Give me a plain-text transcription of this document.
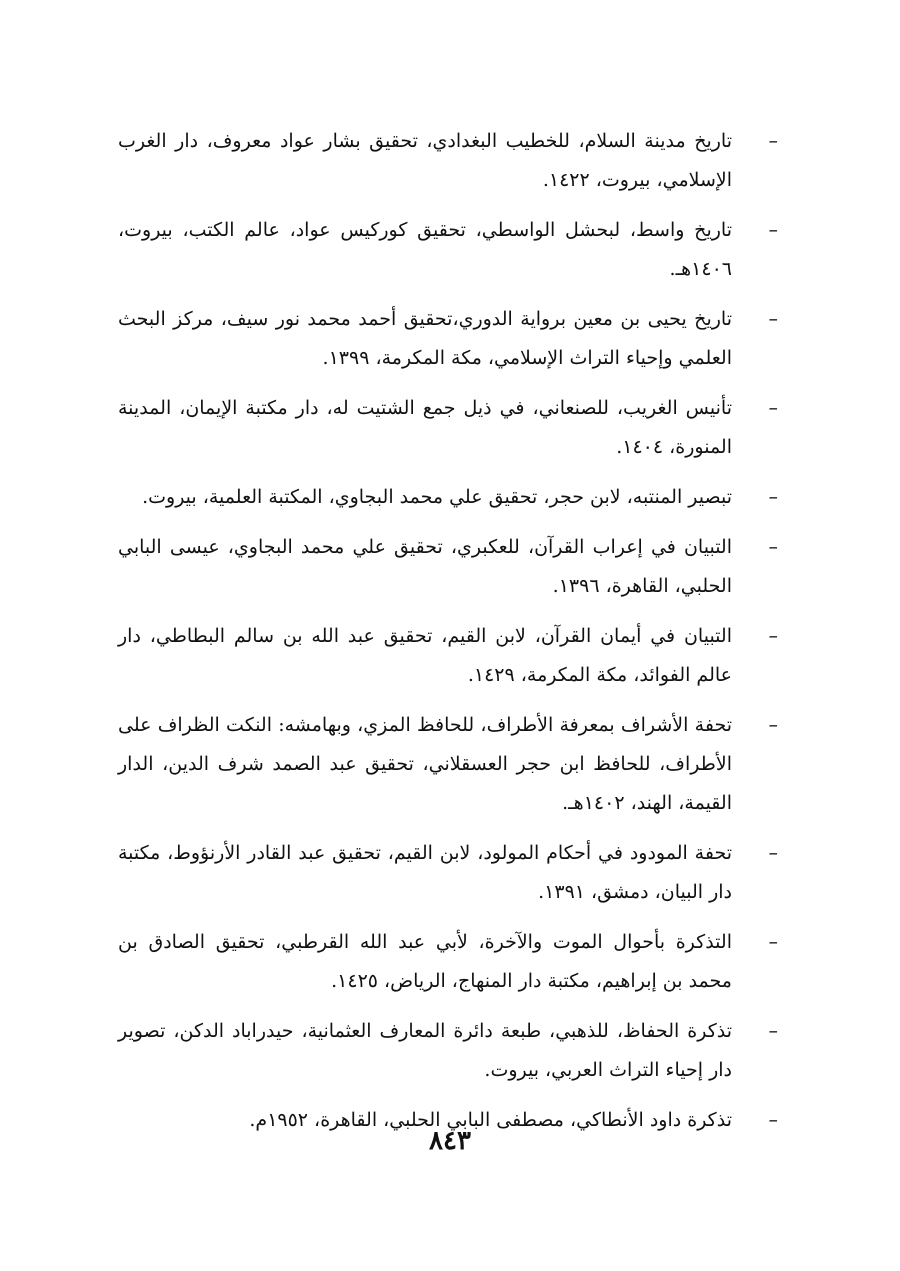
–
تاريخ مدينة السلام، للخطيب البغدادي، تحقيق بشار عواد معروف، دار الغرب الإسلامي، بيروت، ١٤٢٢.
–
تاريخ واسط، لبحشل الواسطي، تحقيق كوركيس عواد، عالم الكتب، بيروت، ١٤٠٦هـ.
–
تاريخ يحيى بن معين برواية الدوري،تحقيق أحمد محمد نور سيف، مركز البحث العلمي وإحياء التراث الإسلامي، مكة المكرمة، ١٣٩٩.
–
تأنيس الغريب، للصنعاني، في ذيل جمع الشتيت له، دار مكتبة الإيمان، المدينة المنورة، ١٤٠٤.
–
تبصير المنتبه، لابن حجر، تحقيق علي محمد البجاوي، المكتبة العلمية، بيروت.
–
التبيان في إعراب القرآن، للعكبري، تحقيق علي محمد البجاوي، عيسى البابي الحلبي، القاهرة، ١٣٩٦.
–
التبيان في أيمان القرآن، لابن القيم، تحقيق عبد الله بن سالم البطاطي، دار عالم الفوائد، مكة المكرمة، ١٤٢٩.
–
تحفة الأشراف بمعرفة الأطراف، للحافظ المزي، وبهامشه: النكت الظراف على الأطراف، للحافظ ابن حجر العسقلاني، تحقيق عبد الصمد شرف الدين، الدار القيمة، الهند، ١٤٠٢هـ.
–
تحفة المودود في أحكام المولود، لابن القيم، تحقيق عبد القادر الأرنؤوط، مكتبة دار البيان، دمشق، ١٣٩١.
–
التذكرة بأحوال الموت والآخرة، لأبي عبد الله القرطبي، تحقيق الصادق بن محمد بن إبراهيم، مكتبة دار المنهاج، الرياض، ١٤٢٥.
–
تذكرة الحفاظ، للذهبي، طبعة دائرة المعارف العثمانية، حيدراباد الدكن، تصوير دار إحياء التراث العربي، بيروت.
–
تذكرة داود الأنطاكي، مصطفى البابي الحلبي، القاهرة، ١٩٥٢م.
٨٤٣
